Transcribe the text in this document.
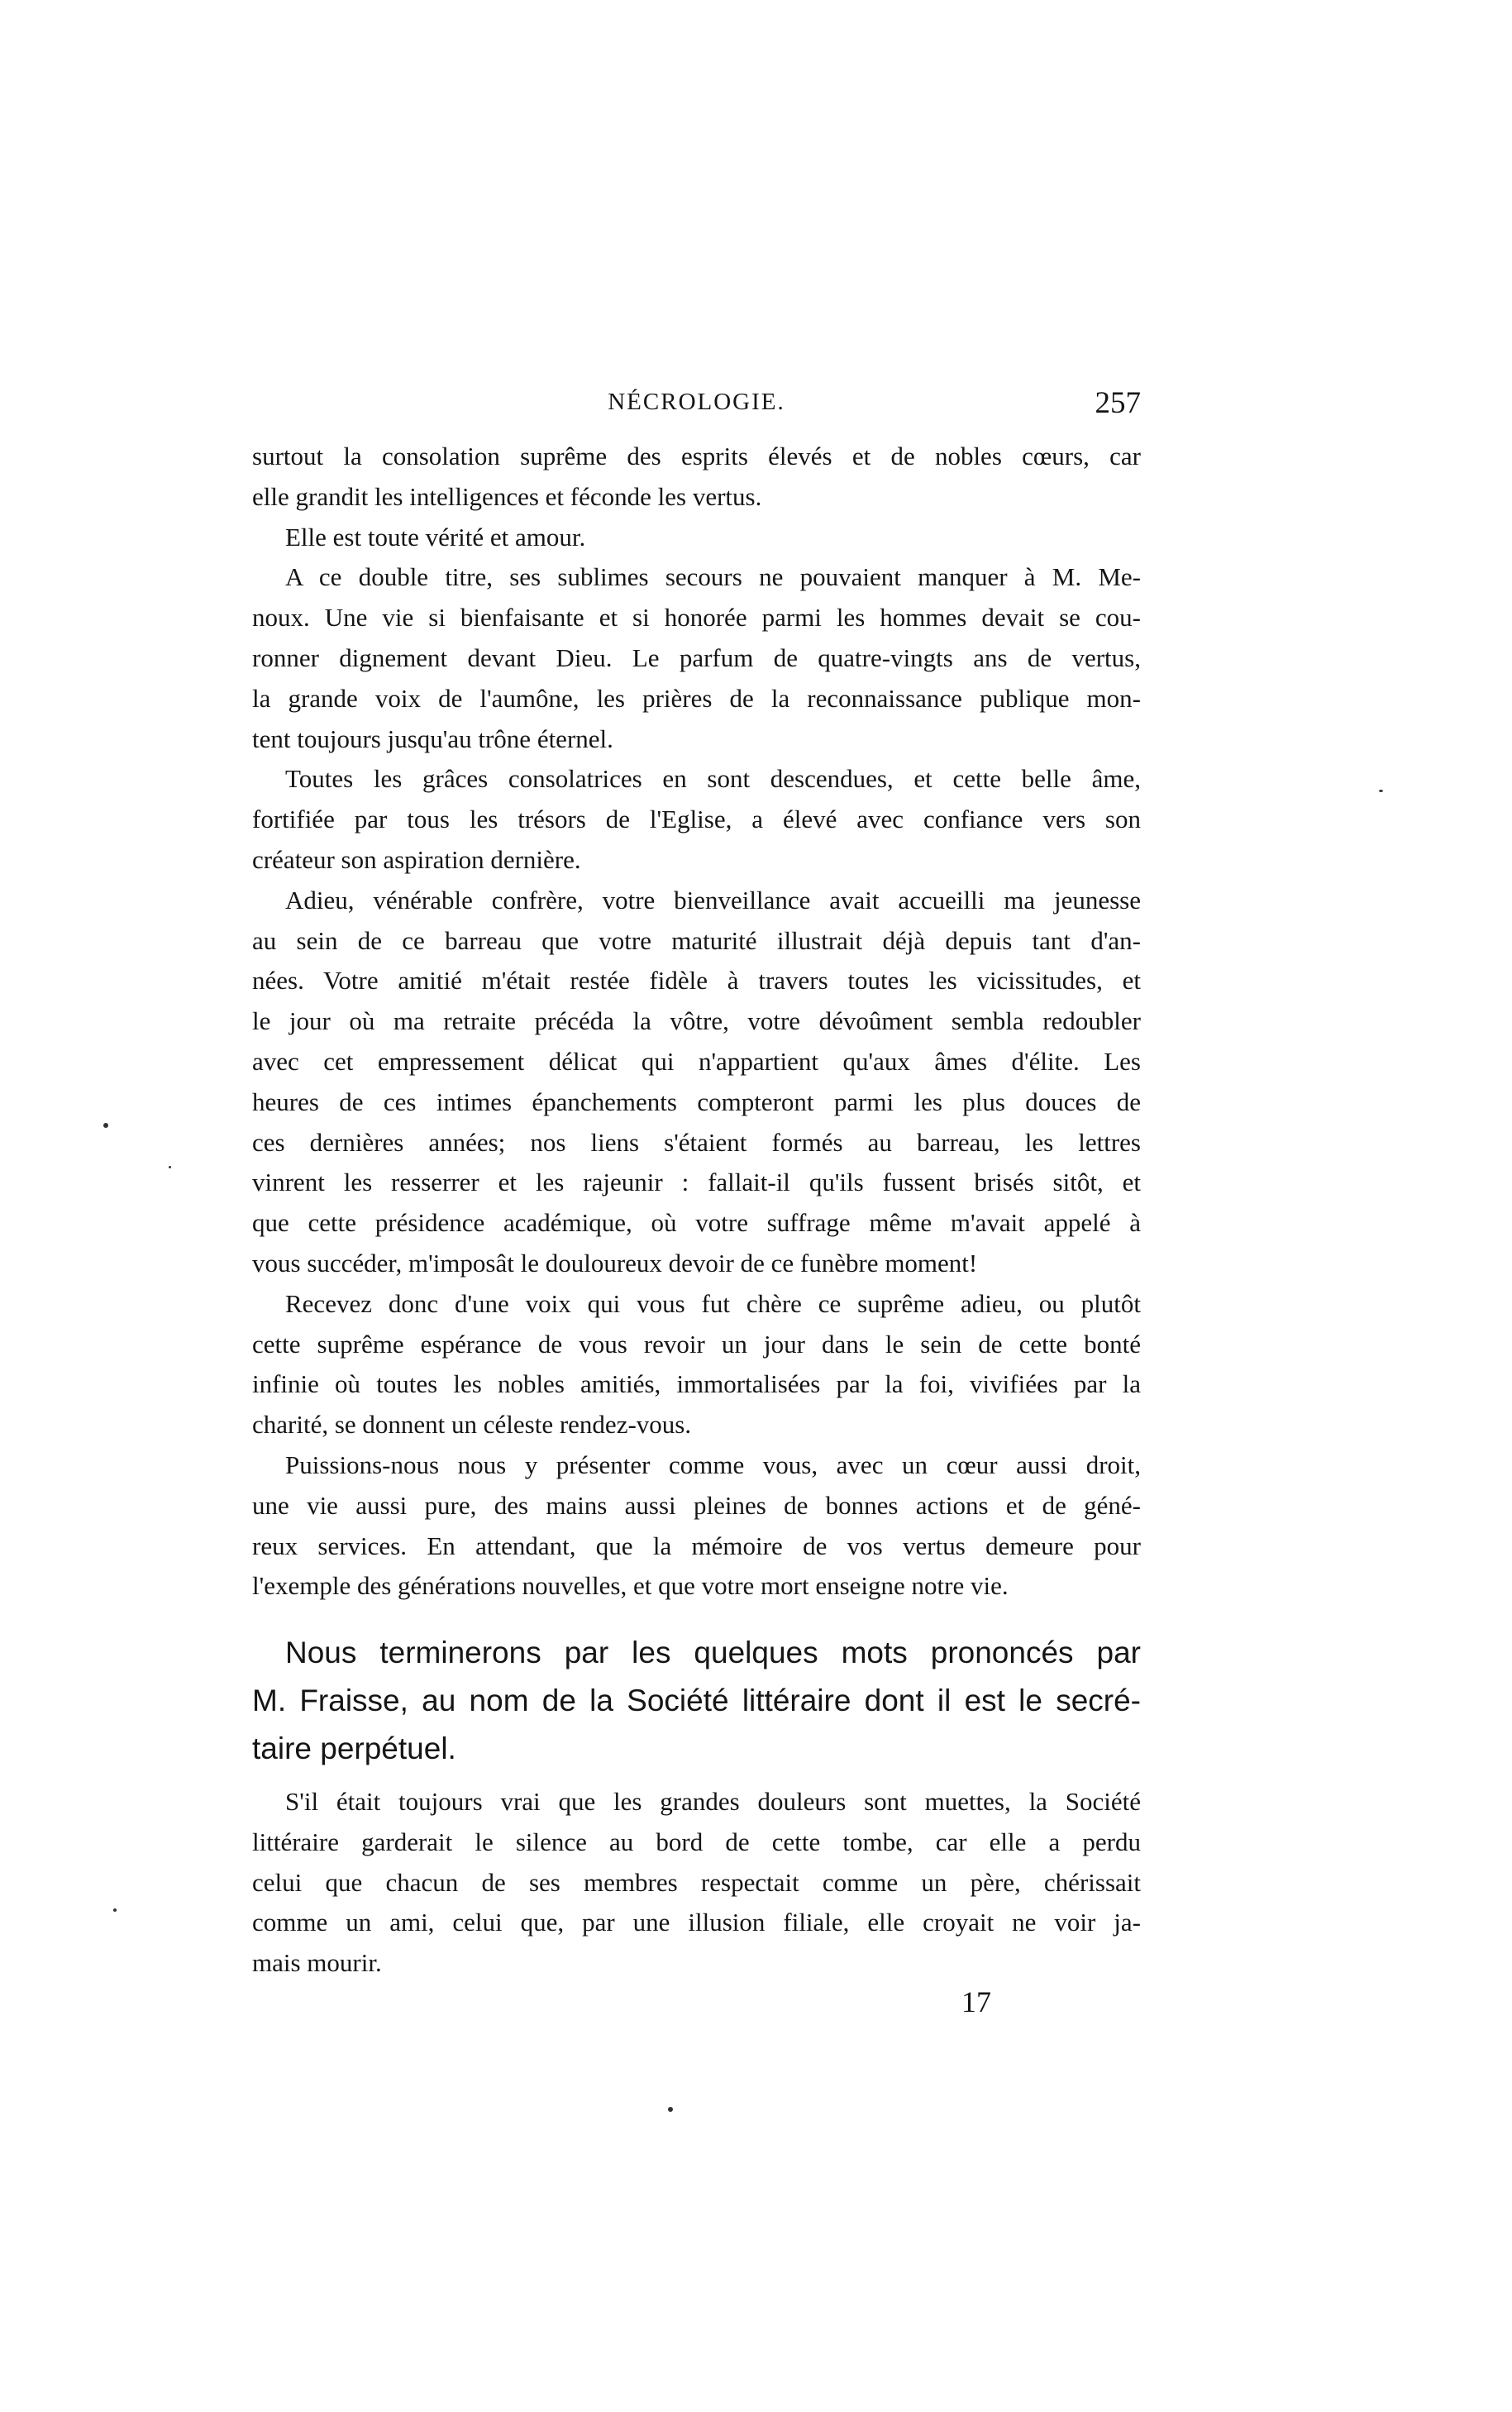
NÉCROLOGIE.	257
surtout la consolation suprême des esprits élevés et de nobles cœurs, car
elle grandit les intelligences et féconde les vertus.
Elle est toute vérité et amour.
A ce double titre, ses sublimes secours ne pouvaient manquer à M. Me-
noux. Une vie si bienfaisante et si honorée parmi les hommes devait se cou-
ronner dignement devant Dieu. Le parfum de quatre-vingts ans de vertus,
la grande voix de l'aumône, les prières de la reconnaissance publique mon-
tent toujours jusqu'au trône éternel.
Toutes les grâces consolatrices en sont descendues, et cette belle âme,
fortifiée par tous les trésors de l'Eglise, a élevé avec confiance vers son
créateur son aspiration dernière.
Adieu, vénérable confrère, votre bienveillance avait accueilli ma jeunesse
au sein de ce barreau que votre maturité illustrait déjà depuis tant d'an-
nées. Votre amitié m'était restée fidèle à travers toutes les vicissitudes, et
le jour où ma retraite précéda la vôtre, votre dévoûment sembla redoubler
avec cet empressement délicat qui n'appartient qu'aux âmes d'élite. Les
heures de ces intimes épanchements compteront parmi les plus douces de
ces dernières années; nos liens s'étaient formés au barreau, les lettres
vinrent les resserrer et les rajeunir : fallait-il qu'ils fussent brisés sitôt, et
que cette présidence académique, où votre suffrage même m'avait appelé à
vous succéder, m'imposât le douloureux devoir de ce funèbre moment!
Recevez donc d'une voix qui vous fut chère ce suprême adieu, ou plutôt
cette suprême espérance de vous revoir un jour dans le sein de cette bonté
infinie où toutes les nobles amitiés, immortalisées par la foi, vivifiées par la
charité, se donnent un céleste rendez-vous.
Puissions-nous nous y présenter comme vous, avec un cœur aussi droit,
une vie aussi pure, des mains aussi pleines de bonnes actions et de géné-
reux services. En attendant, que la mémoire de vos vertus demeure pour
l'exemple des générations nouvelles, et que votre mort enseigne notre vie.
Nous terminerons par les quelques mots prononcés par
M. Fraisse, au nom de la Société littéraire dont il est le secré-
taire perpétuel.
S'il était toujours vrai que les grandes douleurs sont muettes, la Société
littéraire garderait le silence au bord de cette tombe, car elle a perdu
celui que chacun de ses membres respectait comme un père, chérissait
comme un ami, celui que, par une illusion filiale, elle croyait ne voir ja-
mais mourir.
17
